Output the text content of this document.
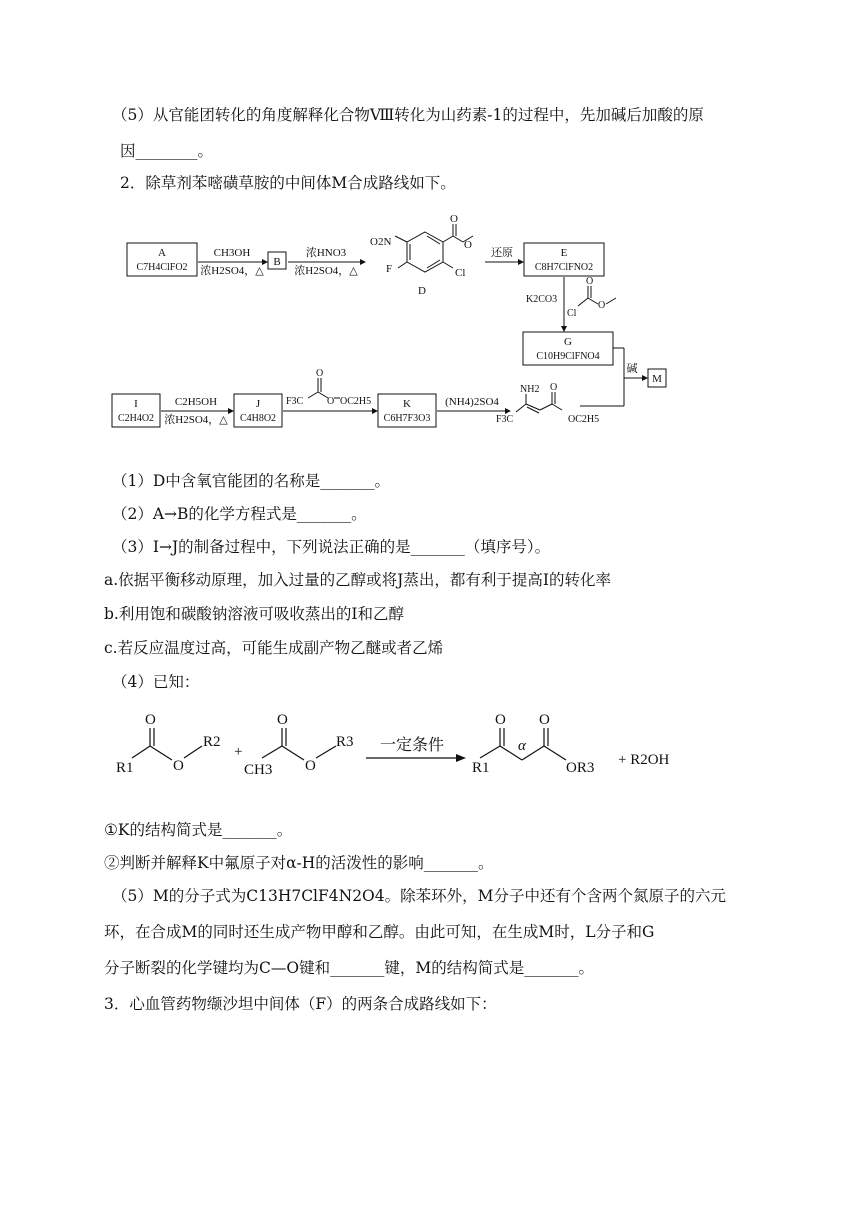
（5）从官能团转化的角度解释化合物Ⅷ转化为山药素-1的过程中，先加碱后加酸的原
因________。
2．除草剂苯嘧磺草胺的中间体M合成路线如下。
A
C7H4ClFO2
CH3OH
浓H2SO4，△
B
浓HNO3
浓H2SO4，△
O2N
F	Cl
D
O
O
还原	E
C8H7ClFNO2
K2CO3
Cl
O
O
G
C10H9ClFNO4
碱
M
I
C2H4O2
C2H5OH
浓H2SO4，△
J
C4H8O2
F3C
O
O OC2H5	K
C6H7F3O3
(NH4)2SO4
NH2
F3C
O
OC2H5
（1）D中含氧官能团的名称是_______。
（2）A→B的化学方程式是_______。
（3）I→J的制备过程中，下列说法正确的是_______（填序号）。
a.依据平衡移动原理，加入过量的乙醇或将J蒸出，都有利于提高I的转化率
b.利用饱和碳酸钠溶液可吸收蒸出的I和乙醇
c.若反应温度过高，可能生成副产物乙醚或者乙烯
（4）已知：
R1
O
O
R2
+
CH3
O
O
R3 一定条件
R1
O
α
O
OR3 + R2OH
①K的结构简式是_______。
②判断并解释K中氟原子对α-H的活泼性的影响_______。
（5）M的分子式为C13H7ClF4N2O4。除苯环外，M分子中还有个含两个氮原子的六元
环，在合成M的同时还生成产物甲醇和乙醇。由此可知，在生成M时，L分子和G
分子断裂的化学键均为C—O键和_______键，M的结构简式是_______。
3．心血管药物缬沙坦中间体（F）的两条合成路线如下：
